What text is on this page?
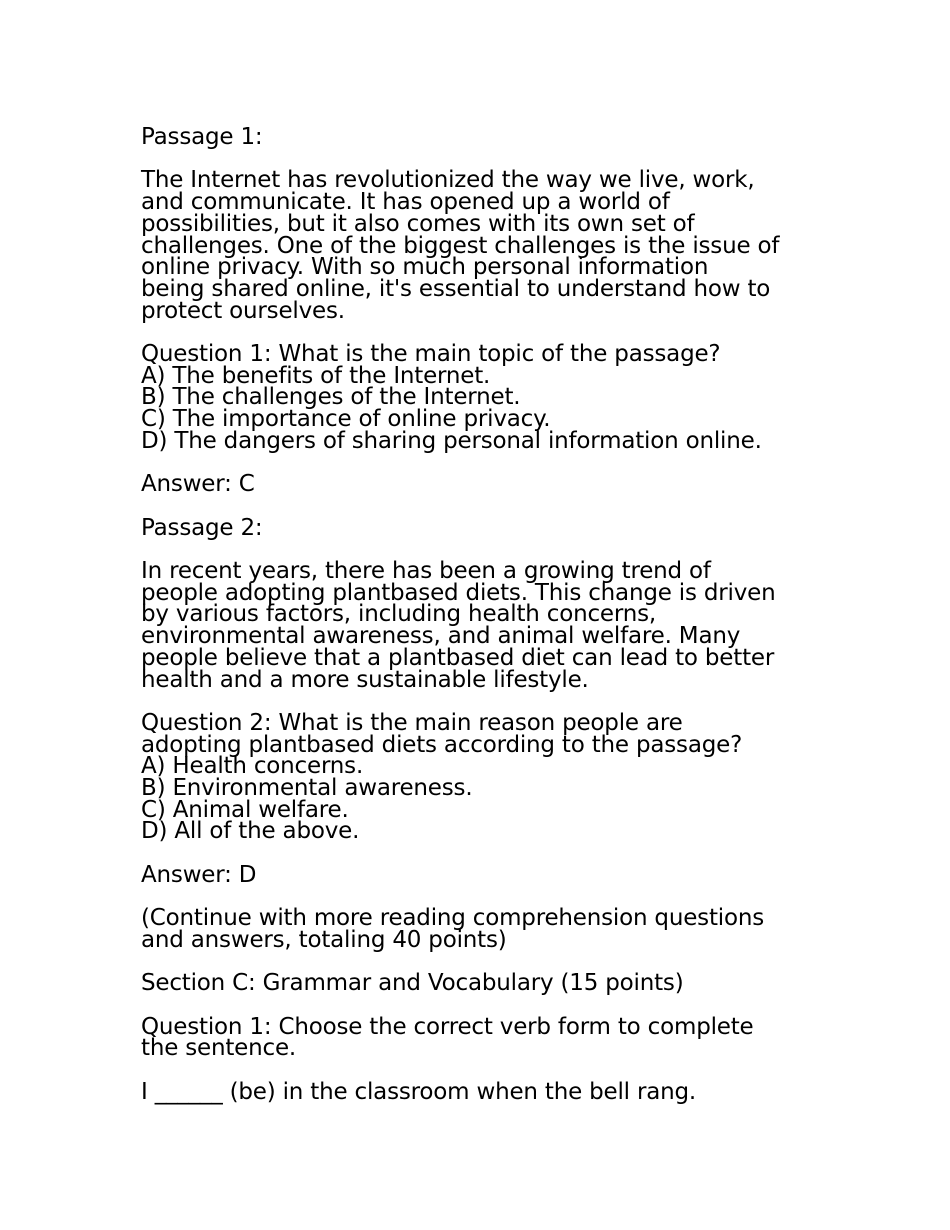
Passage 1:
The Internet has revolutionized the way we live, work,
and communicate. It has opened up a world of
possibilities, but it also comes with its own set of
challenges. One of the biggest challenges is the issue of
online privacy. With so much personal information
being shared online, it's essential to understand how to
protect ourselves.
Question 1: What is the main topic of the passage?
A) The benefits of the Internet.
B) The challenges of the Internet.
C) The importance of online privacy.
D) The dangers of sharing personal information online.
Answer: C
Passage 2:
In recent years, there has been a growing trend of
people adopting plantbased diets. This change is driven
by various factors, including health concerns,
environmental awareness, and animal welfare. Many
people believe that a plantbased diet can lead to better
health and a more sustainable lifestyle.
Question 2: What is the main reason people are
adopting plantbased diets according to the passage?
A) Health concerns.
B) Environmental awareness.
C) Animal welfare.
D) All of the above.
Answer: D
(Continue with more reading comprehension questions
and answers, totaling 40 points)
Section C: Grammar and Vocabulary (15 points)
Question 1: Choose the correct verb form to complete
the sentence.
I ______ (be) in the classroom when the bell rang.
